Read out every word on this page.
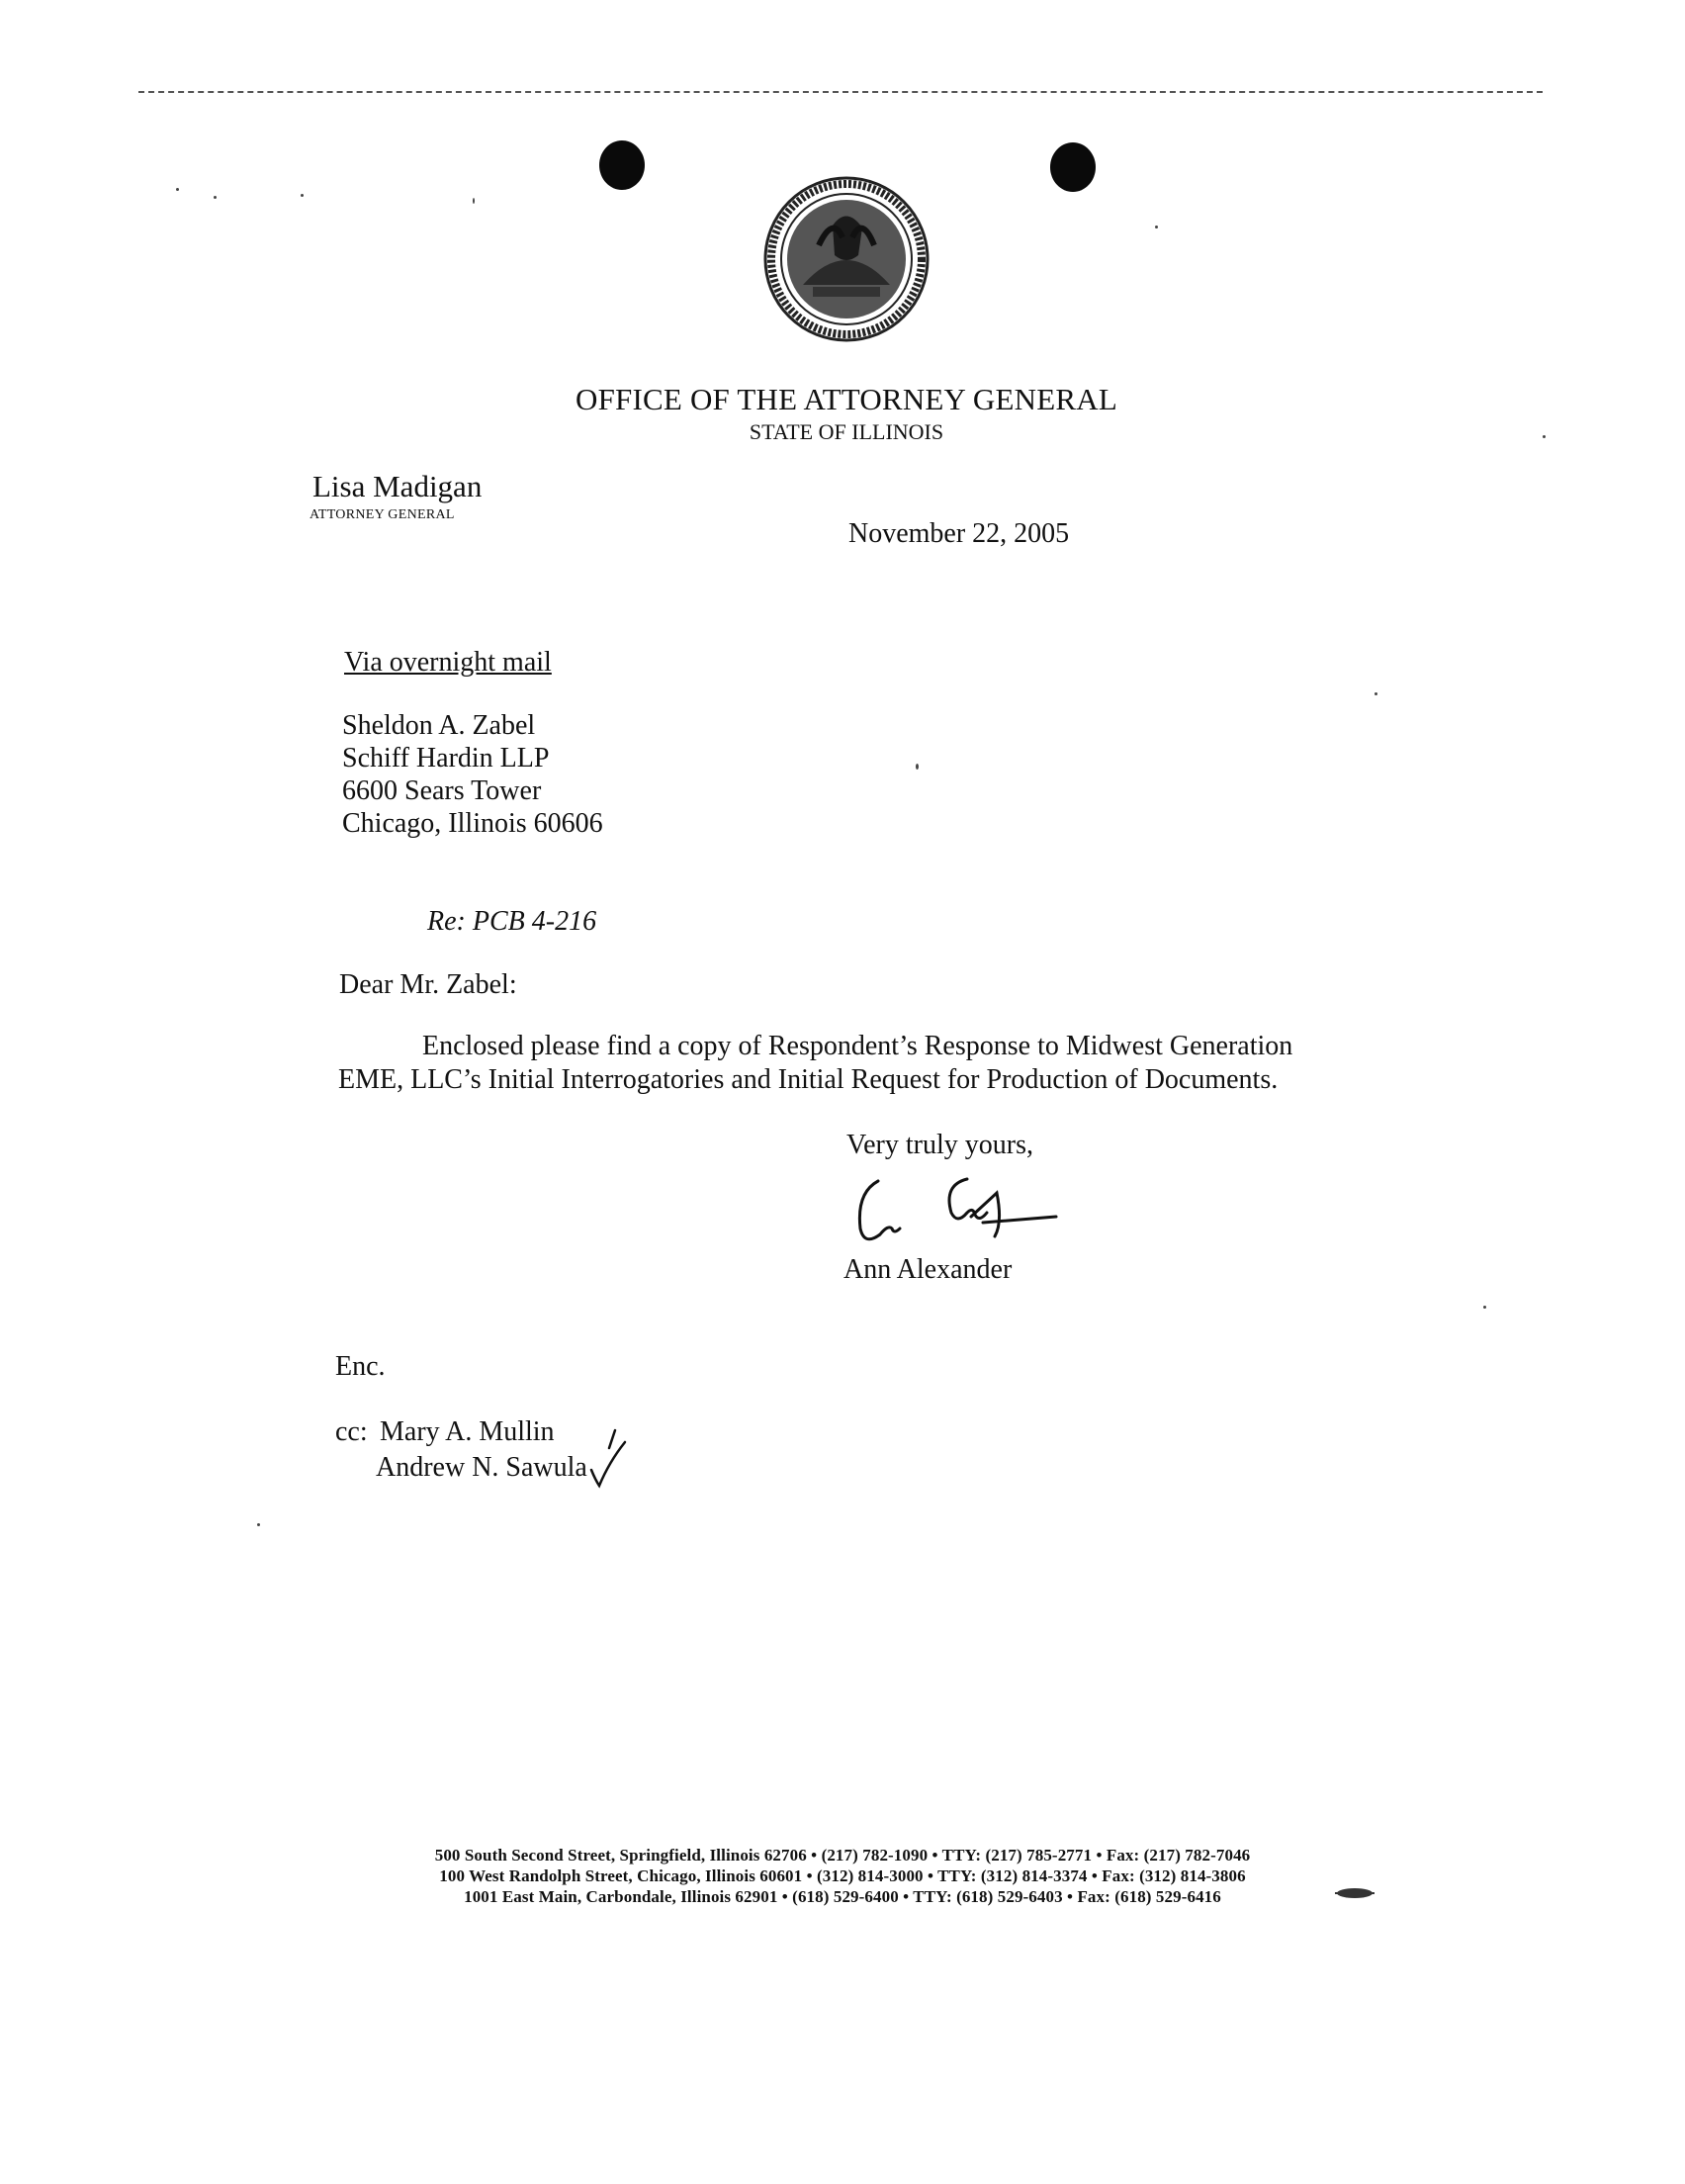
OFFICE OF THE ATTORNEY GENERAL
STATE OF ILLINOIS
Lisa Madigan
ATTORNEY GENERAL
November 22, 2005
Via overnight mail
Sheldon A. Zabel
Schiff Hardin LLP
6600 Sears Tower
Chicago, Illinois 60606
Re: PCB 4-216
Dear Mr. Zabel:
Enclosed please find a copy of Respondent’s Response to Midwest Generation
EME, LLC’s Initial Interrogatories and Initial Request for Production of Documents.
Very truly yours,
Ann Alexander
Enc.
cc: Mary A. Mullin
Andrew N. Sawula
500 South Second Street, Springfield, Illinois 62706 • (217) 782-1090 • TTY: (217) 785-2771 • Fax: (217) 782-7046
100 West Randolph Street, Chicago, Illinois 60601 • (312) 814-3000 • TTY: (312) 814-3374 • Fax: (312) 814-3806
1001 East Main, Carbondale, Illinois 62901 • (618) 529-6400 • TTY: (618) 529-6403 • Fax: (618) 529-6416
